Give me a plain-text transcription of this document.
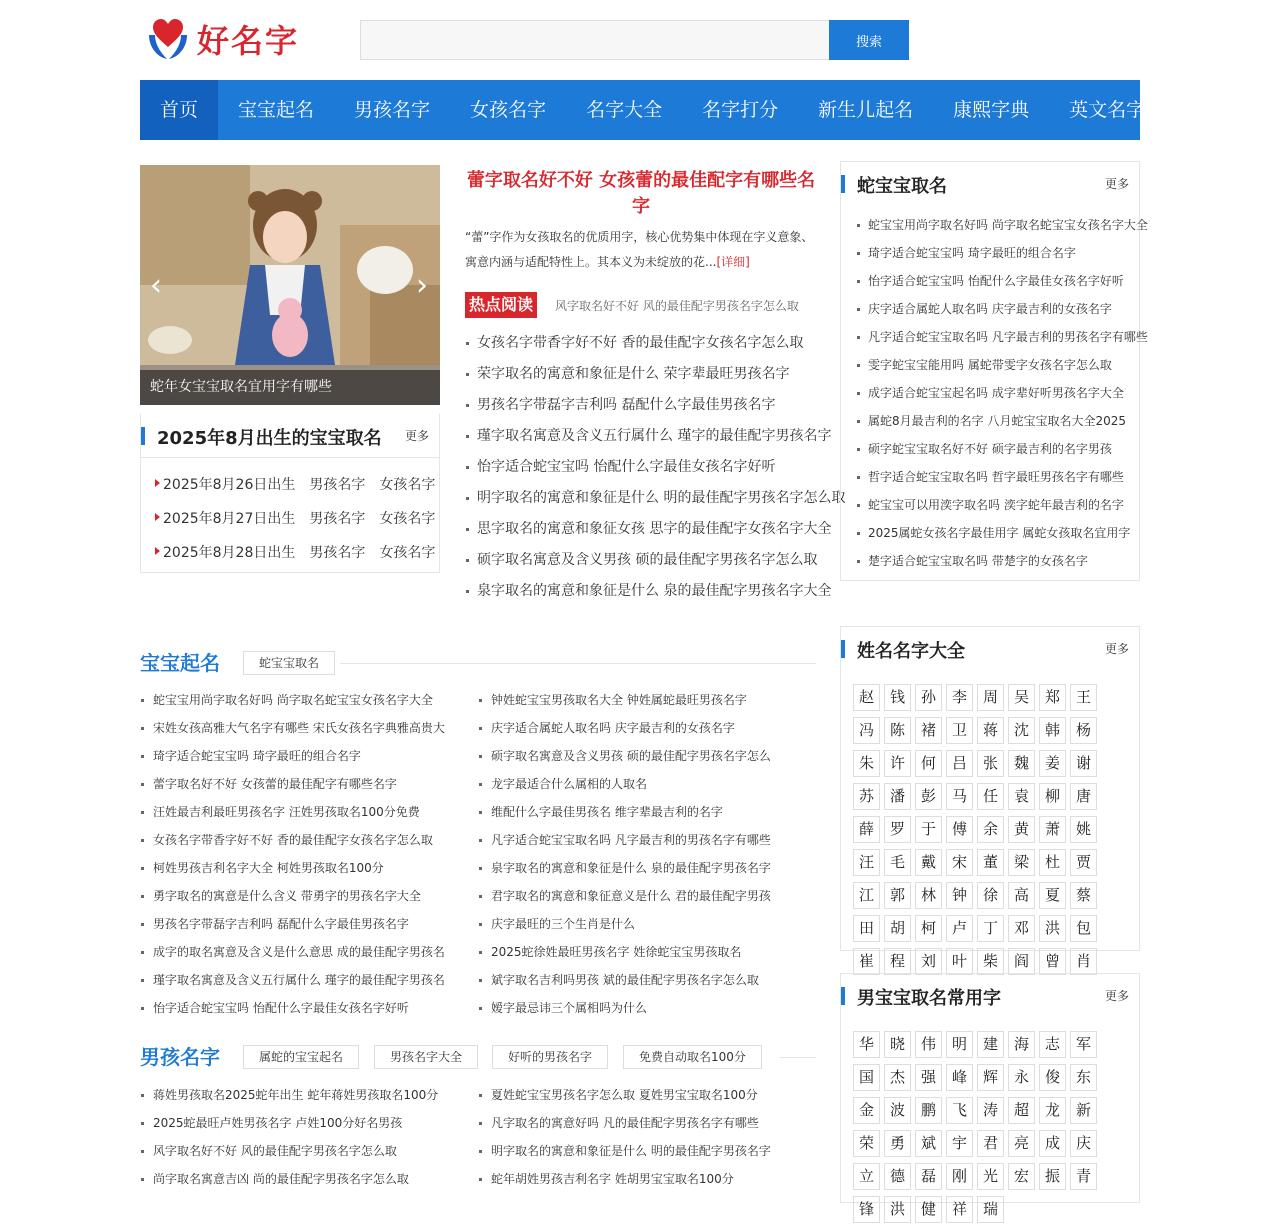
好名字	搜索
首页	宝宝起名	男孩名字	女孩名字	名字大全	名字打分	新生儿起名	康熙字典	英文名字
‹	›
蛇年女宝宝取名宜用字有哪些
2025年8月出生的宝宝取名 更多
2025年8月26日出生 男孩名字 女孩名字
2025年8月27日出生 男孩名字 女孩名字
2025年8月28日出生 男孩名字 女孩名字
蕾字取名好不好 女孩蕾的最佳配字有哪些名字
“蕾”字作为女孩取名的优质用字，核心优势集中体现在字义意象、寓意内涵与适配特性上。其本义为未绽放的花...[详细]
热点阅读	风字取名好不好 风的最佳配字男孩名字怎么取
女孩名字带香字好不好 香的最佳配字女孩名字怎么取
荣字取名的寓意和象征是什么 荣字辈最旺男孩名字
男孩名字带磊字吉利吗 磊配什么字最佳男孩名字
瑾字取名寓意及含义五行属什么 瑾字的最佳配字男孩名字
怡字适合蛇宝宝吗 怡配什么字最佳女孩名字好听
明字取名的寓意和象征是什么 明的最佳配字男孩名字怎么取
思字取名的寓意和象征女孩 思字的最佳配字女孩名字大全
硕字取名寓意及含义男孩 硕的最佳配字男孩名字怎么取
泉字取名的寓意和象征是什么 泉的最佳配字男孩名字大全
蛇宝宝取名	更多
蛇宝宝用尚字取名好吗 尚字取名蛇宝宝女孩名字大全
琦字适合蛇宝宝吗 琦字最旺的组合名字
怡字适合蛇宝宝吗 怡配什么字最佳女孩名字好听
庆字适合属蛇人取名吗 庆字最吉利的女孩名字
凡字适合蛇宝宝取名吗 凡字最吉利的男孩名字有哪些
雯字蛇宝宝能用吗 属蛇带雯字女孩名字怎么取
成字适合蛇宝宝起名吗 成字辈好听男孩名字大全
属蛇8月最吉利的名字 八月蛇宝宝取名大全2025
硕字蛇宝宝取名好不好 硕字最吉利的名字男孩
哲字适合蛇宝宝取名吗 哲字最旺男孩名字有哪些
蛇宝宝可以用湙字取名吗 湙字蛇年最吉利的名字
2025属蛇女孩名字最佳用字 属蛇女孩取名宜用字
楚字适合蛇宝宝取名吗 带楚字的女孩名字
姓名名字大全	更多
赵	钱	孙	李	周	吴	郑	王
冯	陈	褚	卫	蒋	沈	韩	杨
朱	许	何	吕	张	魏	姜	谢
苏	潘	彭	马	任	袁	柳	唐
薛	罗	于	傅	余	黄	萧	姚
汪	毛	戴	宋	董	梁	杜	贾
江	郭	林	钟	徐	高	夏	蔡
田	胡	柯	卢	丁	邓	洪	包
崔	程	刘	叶	柴	阎	曾	肖
男宝宝取名常用字	更多
华	晓	伟	明	建	海	志	军
国	杰	强	峰	辉	永	俊	东
金	波	鹏	飞	涛	超	龙	新
荣	勇	斌	宇	君	亮	成	庆
立	德	磊	刚	光	宏	振	青
锋	洪	健	祥	瑞
宝宝起名	蛇宝宝取名
蛇宝宝用尚字取名好吗 尚字取名蛇宝宝女孩名字大全
宋姓女孩高雅大气名字有哪些 宋氏女孩名字典雅高贵大
琦字适合蛇宝宝吗 琦字最旺的组合名字
蕾字取名好不好 女孩蕾的最佳配字有哪些名字
汪姓最吉利最旺男孩名字 汪姓男孩取名100分免费
女孩名字带香字好不好 香的最佳配字女孩名字怎么取
柯姓男孩吉利名字大全 柯姓男孩取名100分
勇字取名的寓意是什么含义 带勇字的男孩名字大全
男孩名字带磊字吉利吗 磊配什么字最佳男孩名字
成字的取名寓意及含义是什么意思 成的最佳配字男孩名
瑾字取名寓意及含义五行属什么 瑾字的最佳配字男孩名
怡字适合蛇宝宝吗 怡配什么字最佳女孩名字好听
钟姓蛇宝宝男孩取名大全 钟姓属蛇最旺男孩名字
庆字适合属蛇人取名吗 庆字最吉利的女孩名字
硕字取名寓意及含义男孩 硕的最佳配字男孩名字怎么
龙字最适合什么属相的人取名
维配什么字最佳男孩名 维字辈最吉利的名字
凡字适合蛇宝宝取名吗 凡字最吉利的男孩名字有哪些
泉字取名的寓意和象征是什么 泉的最佳配字男孩名字
君字取名的寓意和象征意义是什么 君的最佳配字男孩
庆字最旺的三个生肖是什么
2025蛇徐姓最旺男孩名字 姓徐蛇宝宝男孩取名
斌字取名吉利吗男孩 斌的最佳配字男孩名字怎么取
嫒字最忌讳三个属相吗为什么
男孩名字	属蛇的宝宝起名	男孩名字大全	好听的男孩名字	免费自动取名100分
蒋姓男孩取名2025蛇年出生 蛇年蒋姓男孩取名100分
2025蛇最旺卢姓男孩名字 卢姓100分好名男孩
风字取名好不好 风的最佳配字男孩名字怎么取
尚字取名寓意吉凶 尚的最佳配字男孩名字怎么取
夏姓蛇宝宝男孩名字怎么取 夏姓男宝宝取名100分
凡字取名的寓意好吗 凡的最佳配字男孩名字有哪些
明字取名的寓意和象征是什么 明的最佳配字男孩名字
蛇年胡姓男孩吉利名字 姓胡男宝宝取名100分
